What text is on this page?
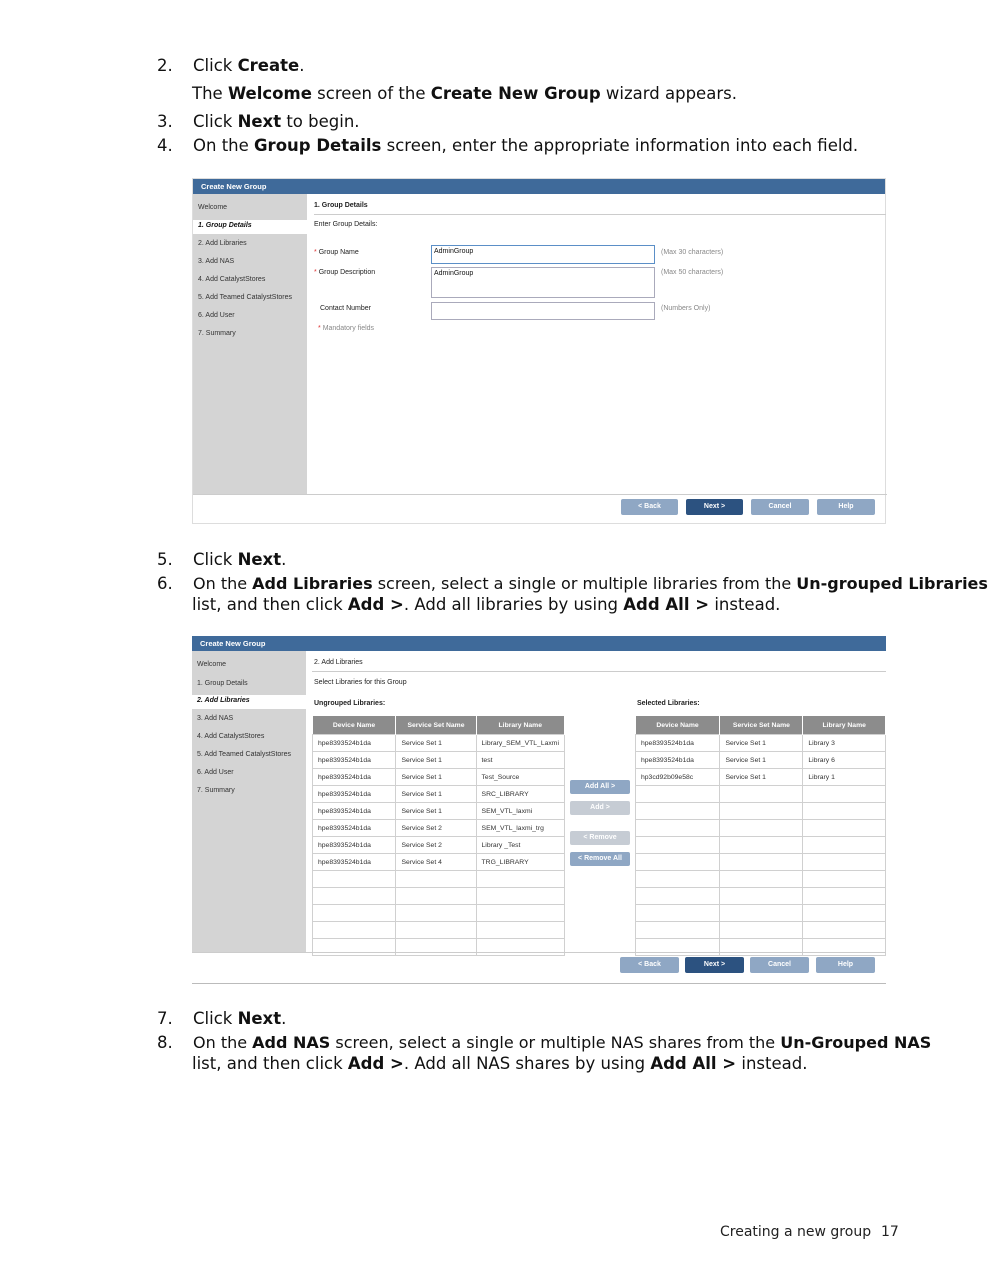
2.	Click Create.
The Welcome screen of the Create New Group wizard appears.
3.	Click Next to begin.
4.	On the Group Details screen, enter the appropriate information into each field.
Create New Group
Welcome
1. Group Details
2. Add Libraries
3. Add NAS
4. Add CatalystStores
5. Add Teamed CatalystStores
6. Add User
7. Summary
1. Group Details
Enter Group Details:
* Group Name	AdminGroup	(Max 30 characters)
* Group Description	AdminGroup	(Max 50 characters)
Contact Number	(Numbers Only)
* Mandatory fields
< Back	Next >	Cancel	Help
5.	Click Next.
6.	On the Add Libraries screen, select a single or multiple libraries from the Un-grouped Libraries
list, and then click Add >. Add all libraries by using Add All > instead.
Create New Group
Welcome
1. Group Details
2. Add Libraries
3. Add NAS
4. Add CatalystStores
5. Add Teamed CatalystStores
6. Add User
7. Summary
2. Add Libraries
Select Libraries for this Group
Ungrouped Libraries:	Selected Libraries:
Device Name	Service Set Name	Library Name
hpe8393524b1da	Service Set 1	Library_SEM_VTL_Laxmi
hpe8393524b1da	Service Set 1	test
hpe8393524b1da	Service Set 1	Test_Source
hpe8393524b1da	Service Set 1	SRC_LIBRARY
hpe8393524b1da	Service Set 1	SEM_VTL_laxmi
hpe8393524b1da	Service Set 2	SEM_VTL_laxmi_trg
hpe8393524b1da	Service Set 2	Library _Test
hpe8393524b1da	Service Set 4	TRG_LIBRARY

Device Name	Service Set Name	Library Name
hpe8393524b1da	Service Set 1	Library 3
hpe8393524b1da	Service Set 1	Library 6
hp3cd92b09e58c	Service Set 1	Library 1

Add All >
Add >
< Remove
< Remove All
< Back	Next >	Cancel	Help
7.	Click Next.
8.	On the Add NAS screen, select a single or multiple NAS shares from the Un-Grouped NAS
list, and then click Add >. Add all NAS shares by using Add All > instead.
Creating a new group 17
